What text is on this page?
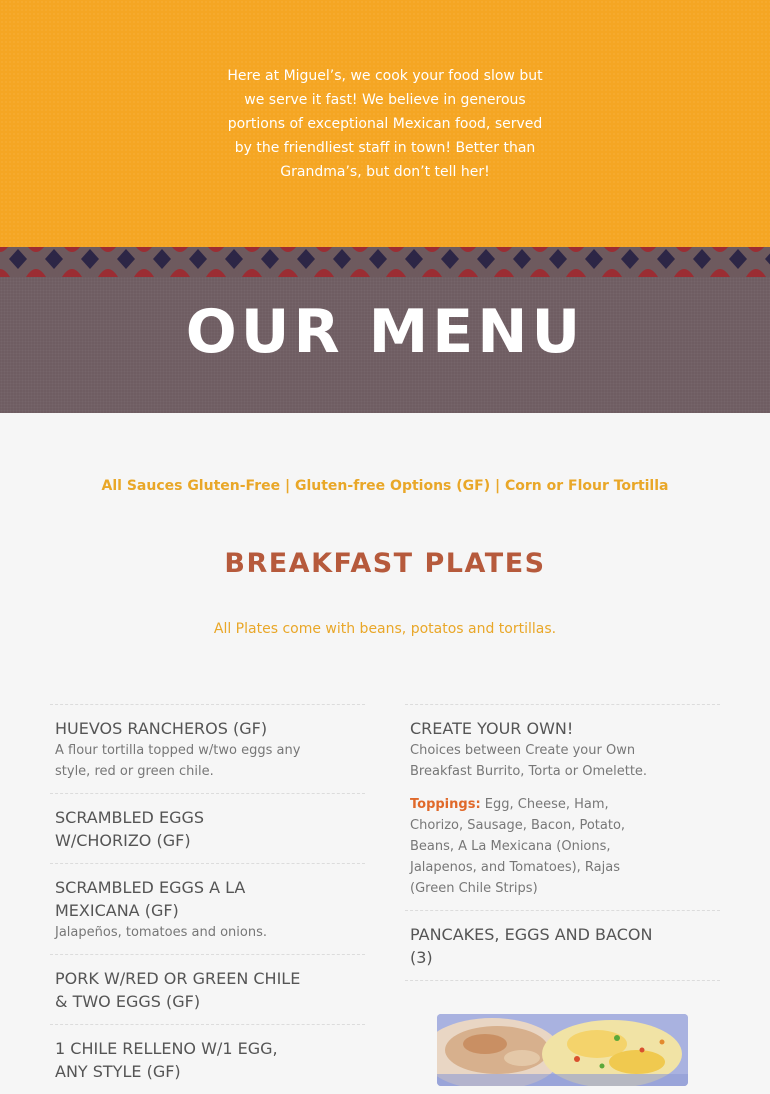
Here at Miguel’s, we cook your food slow but we serve it fast! We believe in generous portions of exceptional Mexican food, served by the friendliest staff in town! Better than Grandma’s, but don’t tell her!

OUR MENU
All Sauces Gluten-Free | Gluten-free Options (GF) | Corn or Flour Tortilla
BREAKFAST PLATES
All Plates come with beans, potatos and tortillas.
HUEVOS RANCHEROS (GF)
A flour tortilla topped w/two eggs any style, red or green chile.
SCRAMBLED EGGS W/CHORIZO (GF)
SCRAMBLED EGGS A LA MEXICANA (GF)
Jalapeños, tomatoes and onions.
PORK W/RED OR GREEN CHILE & TWO EGGS (GF)
1 CHILE RELLENO W/1 EGG, ANY STYLE (GF)
CREATE YOUR OWN!
Choices between Create your Own Breakfast Burrito, Torta or Omelette.
Toppings: Egg, Cheese, Ham, Chorizo, Sausage, Bacon, Potato, Beans, A La Mexicana (Onions, Jalapenos, and Tomatoes), Rajas (Green Chile Strips)
PANCAKES, EGGS AND BACON (3)
